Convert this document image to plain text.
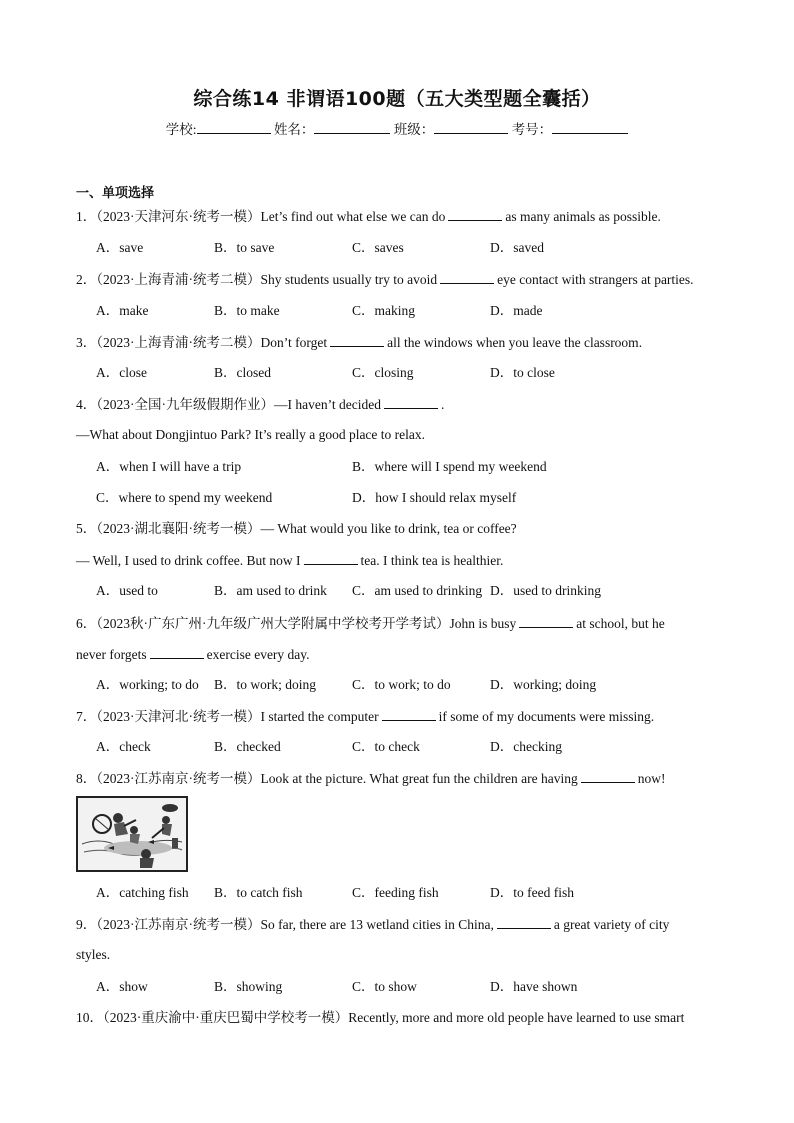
综合练14 非谓语100题（五大类型题全囊括）
学校:	姓名：	班级：	考号：
一、单项选择
1．（2023·天津河东·统考一模）Let’s find out what else we can do	as many animals as possible.
A．save	B．to save	C．saves	D．saved
2．（2023·上海青浦·统考二模）Shy students usually try to avoid	eye contact with strangers at parties.
A．make	B．to make	C．making	D．made
3．（2023·上海青浦·统考二模）Don’t forget	all the windows when you leave the classroom.
A．close	B．closed	C．closing	D．to close
4．（2023·全国·九年级假期作业）—I haven’t decided	.
—What about Dongjintuo Park? It’s really a good place to relax.
A．when I will have a trip	B．where will I spend my weekend
C．where to spend my weekend	D．how I should relax myself
5．（2023·湖北襄阳·统考一模）— What would you like to drink, tea or coffee?
— Well, I used to drink coffee. But now I	tea. I think tea is healthier.
A．used to	B．am used to drink C．am used to drinking D．used to drinking
6．（2023秋·广东广州·九年级广州大学附属中学校考开学考试）John is busy	at school, but he
never forgets	exercise every day.
A．working; to do B．to work; doing	C．to work; to do	D．working; doing
7．（2023·天津河北·统考一模）I started the computer	if some of my documents were missing.
A．check	B．checked	C．to check	D．checking
8．（2023·江苏南京·统考一模）Look at the picture. What great fun the children are having	now!
A．catching fish B．to catch fish	C．feeding fish	D．to feed fish
9．（2023·江苏南京·统考一模）So far, there are 13 wetland cities in China,	a great variety of city
styles.
A．show	B．showing	C．to show	D．have shown
10．（2023·重庆渝中·重庆巴蜀中学校考一模）Recently, more and more old people have learned to use smart
